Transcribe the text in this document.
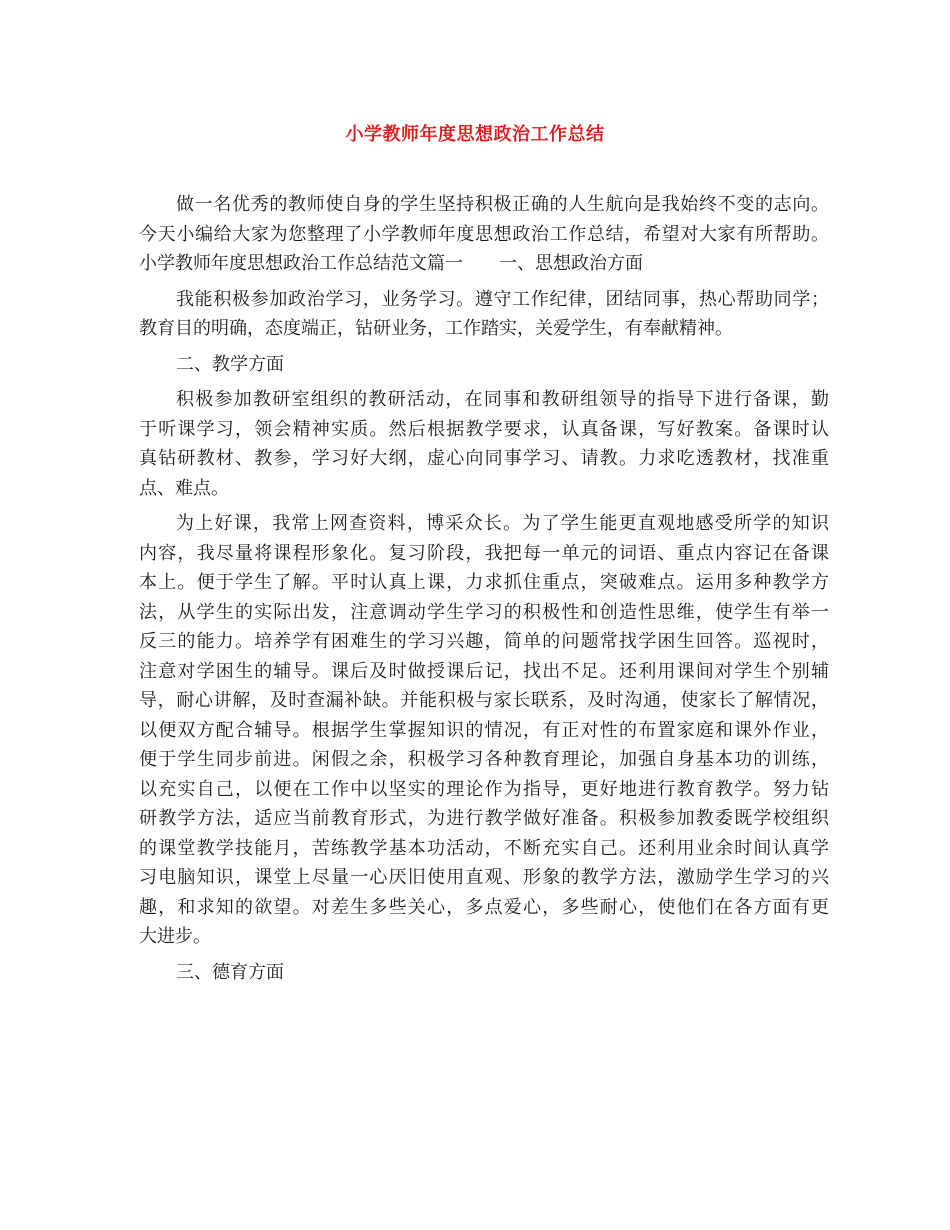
小学教师年度思想政治工作总结
做一名优秀的教师使自身的学生坚持积极正确的人生航向是我始终不变的志向。
今天小编给大家为您整理了小学教师年度思想政治工作总结，希望对大家有所帮助。
小学教师年度思想政治工作总结范文篇一　　一、思想政治方面
我能积极参加政治学习，业务学习。遵守工作纪律，团结同事，热心帮助同学；
教育目的明确，态度端正，钻研业务，工作踏实，关爱学生，有奉献精神。
二、教学方面
积极参加教研室组织的教研活动，在同事和教研组领导的指导下进行备课，勤
于听课学习，领会精神实质。然后根据教学要求，认真备课，写好教案。备课时认
真钻研教材、教参，学习好大纲，虚心向同事学习、请教。力求吃透教材，找准重
点、难点。
为上好课，我常上网查资料，博采众长。为了学生能更直观地感受所学的知识
内容，我尽量将课程形象化。复习阶段，我把每一单元的词语、重点内容记在备课
本上。便于学生了解。平时认真上课，力求抓住重点，突破难点。运用多种教学方
法，从学生的实际出发，注意调动学生学习的积极性和创造性思维，使学生有举一
反三的能力。培养学有困难生的学习兴趣，简单的问题常找学困生回答。巡视时，
注意对学困生的辅导。课后及时做授课后记，找出不足。还利用课间对学生个别辅
导，耐心讲解，及时查漏补缺。并能积极与家长联系，及时沟通，使家长了解情况，
以便双方配合辅导。根据学生掌握知识的情况，有正对性的布置家庭和课外作业，
便于学生同步前进。闲假之余，积极学习各种教育理论，加强自身基本功的训练，
以充实自己，以便在工作中以坚实的理论作为指导，更好地进行教育教学。努力钻
研教学方法，适应当前教育形式，为进行教学做好准备。积极参加教委既学校组织
的课堂教学技能月，苦练教学基本功活动，不断充实自己。还利用业余时间认真学
习电脑知识，课堂上尽量一心厌旧使用直观、形象的教学方法，激励学生学习的兴
趣，和求知的欲望。对差生多些关心，多点爱心，多些耐心，使他们在各方面有更
大进步。
三、德育方面
